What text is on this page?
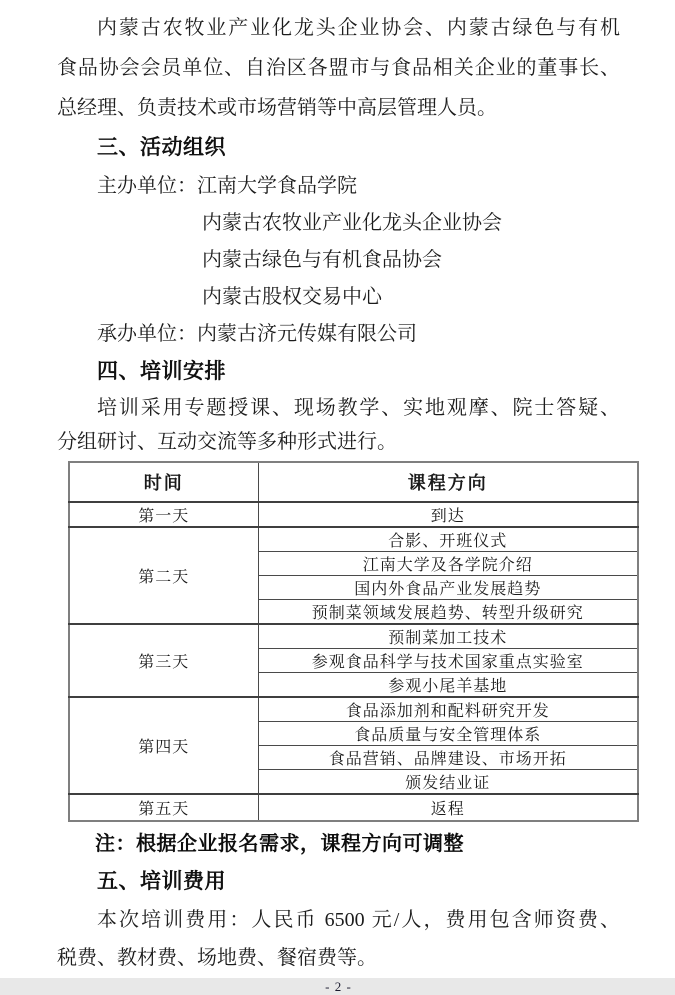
内蒙古农牧业产业化龙头企业协会、内蒙古绿色与有机
食品协会会员单位、自治区各盟市与食品相关企业的董事长、
总经理、负责技术或市场营销等中高层管理人员。
三、活动组织
主办单位：江南大学食品学院
内蒙古农牧业产业化龙头企业协会
内蒙古绿色与有机食品协会
内蒙古股权交易中心
承办单位：内蒙古济元传媒有限公司
四、培训安排
培训采用专题授课、现场教学、实地观摩、院士答疑、
分组研讨、互动交流等多种形式进行。
时间	课程方向
第一天	到达
第二天	合影、开班仪式
	江南大学及各学院介绍
	国内外食品产业发展趋势
	预制菜领域发展趋势、转型升级研究
第三天	预制菜加工技术
	参观食品科学与技术国家重点实验室
	参观小尾羊基地
第四天	食品添加剂和配料研究开发
	食品质量与安全管理体系
	食品营销、品牌建设、市场开拓
	颁发结业证
第五天	返程
注：根据企业报名需求，课程方向可调整
五、培训费用
本次培训费用：人民币 6500 元/人，费用包含师资费、
税费、教材费、场地费、餐宿费等。
- 2 -
